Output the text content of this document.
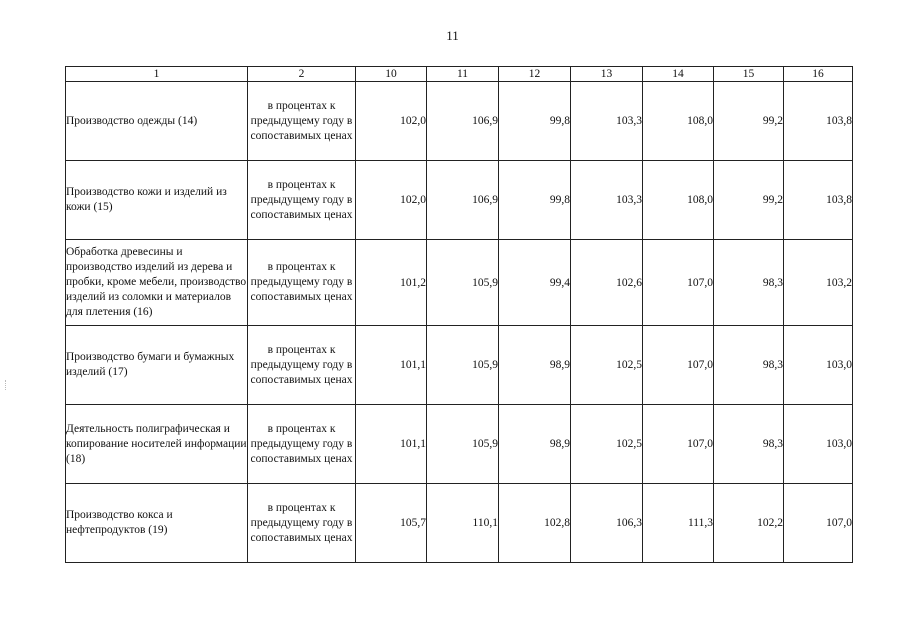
11
1	2	10	11	12	13	14	15	16
Производство одежды (14)	в процентах к предыдущему году в сопоставимых ценах	102,0	106,9	99,8	103,3	108,0	99,2	103,8
Производство кожи и изделий из кожи (15)	в процентах к предыдущему году в сопоставимых ценах	102,0	106,9	99,8	103,3	108,0	99,2	103,8
Обработка древесины и производство изделий из дерева и пробки, кроме мебели, производство изделий из соломки и материалов для плетения (16)	в процентах к предыдущему году в сопоставимых ценах	101,2	105,9	99,4	102,6	107,0	98,3	103,2
Производство бумаги и бумажных изделий (17)	в процентах к предыдущему году в сопоставимых ценах	101,1	105,9	98,9	102,5	107,0	98,3	103,0
Деятельность полиграфическая и копирование носителей информации (18)	в процентах к предыдущему году в сопоставимых ценах	101,1	105,9	98,9	102,5	107,0	98,3	103,0
Производство кокса и нефтепродуктов (19)	в процентах к предыдущему году в сопоставимых ценах	105,7	110,1	102,8	106,3	111,3	102,2	107,0
